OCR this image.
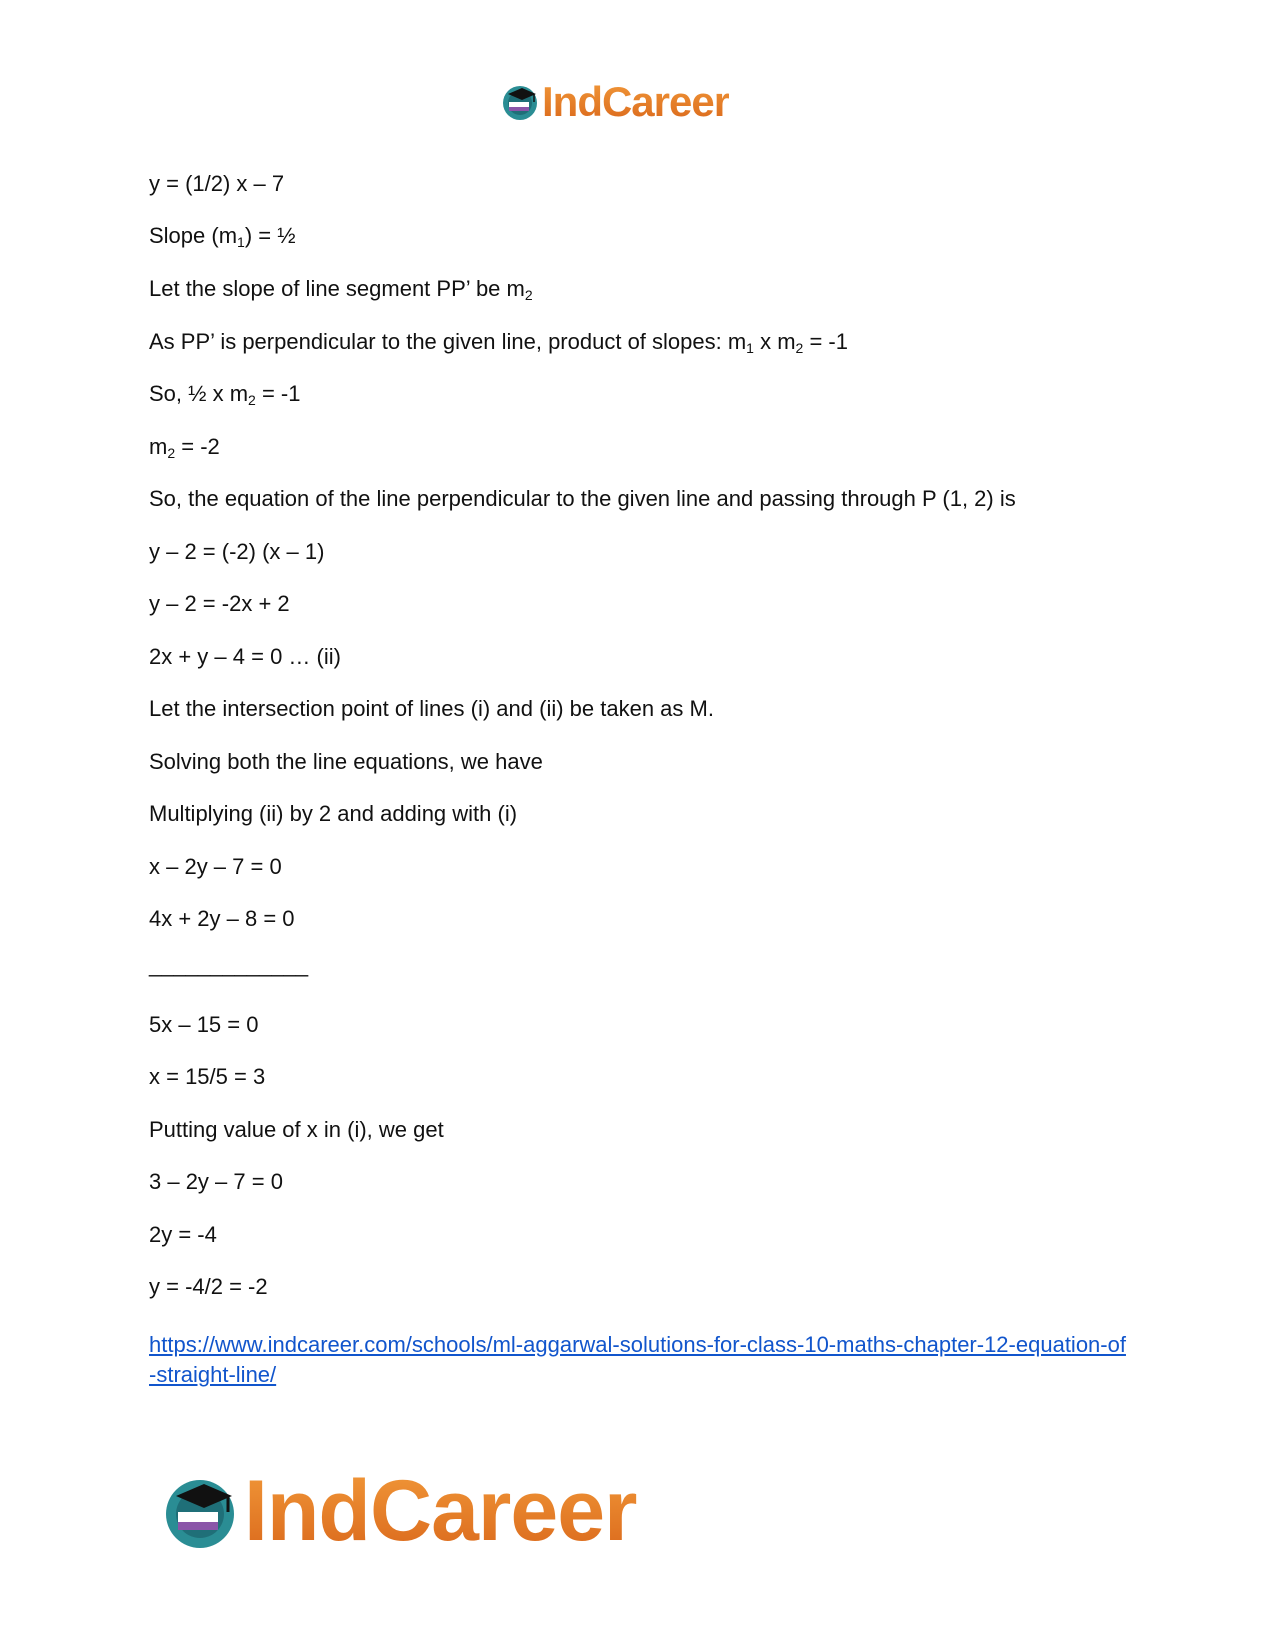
IndCareer
y = (1/2) x – 7
Slope $(m_1)$ = ½
Let the slope of line segment PP’ be $m_2$
As PP’ is perpendicular to the given line, product of slopes: $m_1$ x $m_2 = -1$
So, ½ x $m_2 = -1$
$m_2 = -2$
So, the equation of the line perpendicular to the given line and passing through P (1, 2) is
y – 2 = (-2) (x – 1)
y – 2 = -2x + 2
2x + y – 4 = 0 … (ii)
Let the intersection point of lines (i) and (ii) be taken as M.
Solving both the line equations, we have
Multiplying (ii) by 2 and adding with (i)
x – 2y – 7 = 0
4x + 2y – 8 = 0
_____________
5x – 15 = 0
x = 15/5 = 3
Putting value of x in (i), we get
3 – 2y – 7 = 0
2y = -4
y = -4/2 = -2
https://www.indcareer.com/schools/ml-aggarwal-solutions-for-class-10-maths-chapter-12-equation-of-straight-line/
IndCareer
